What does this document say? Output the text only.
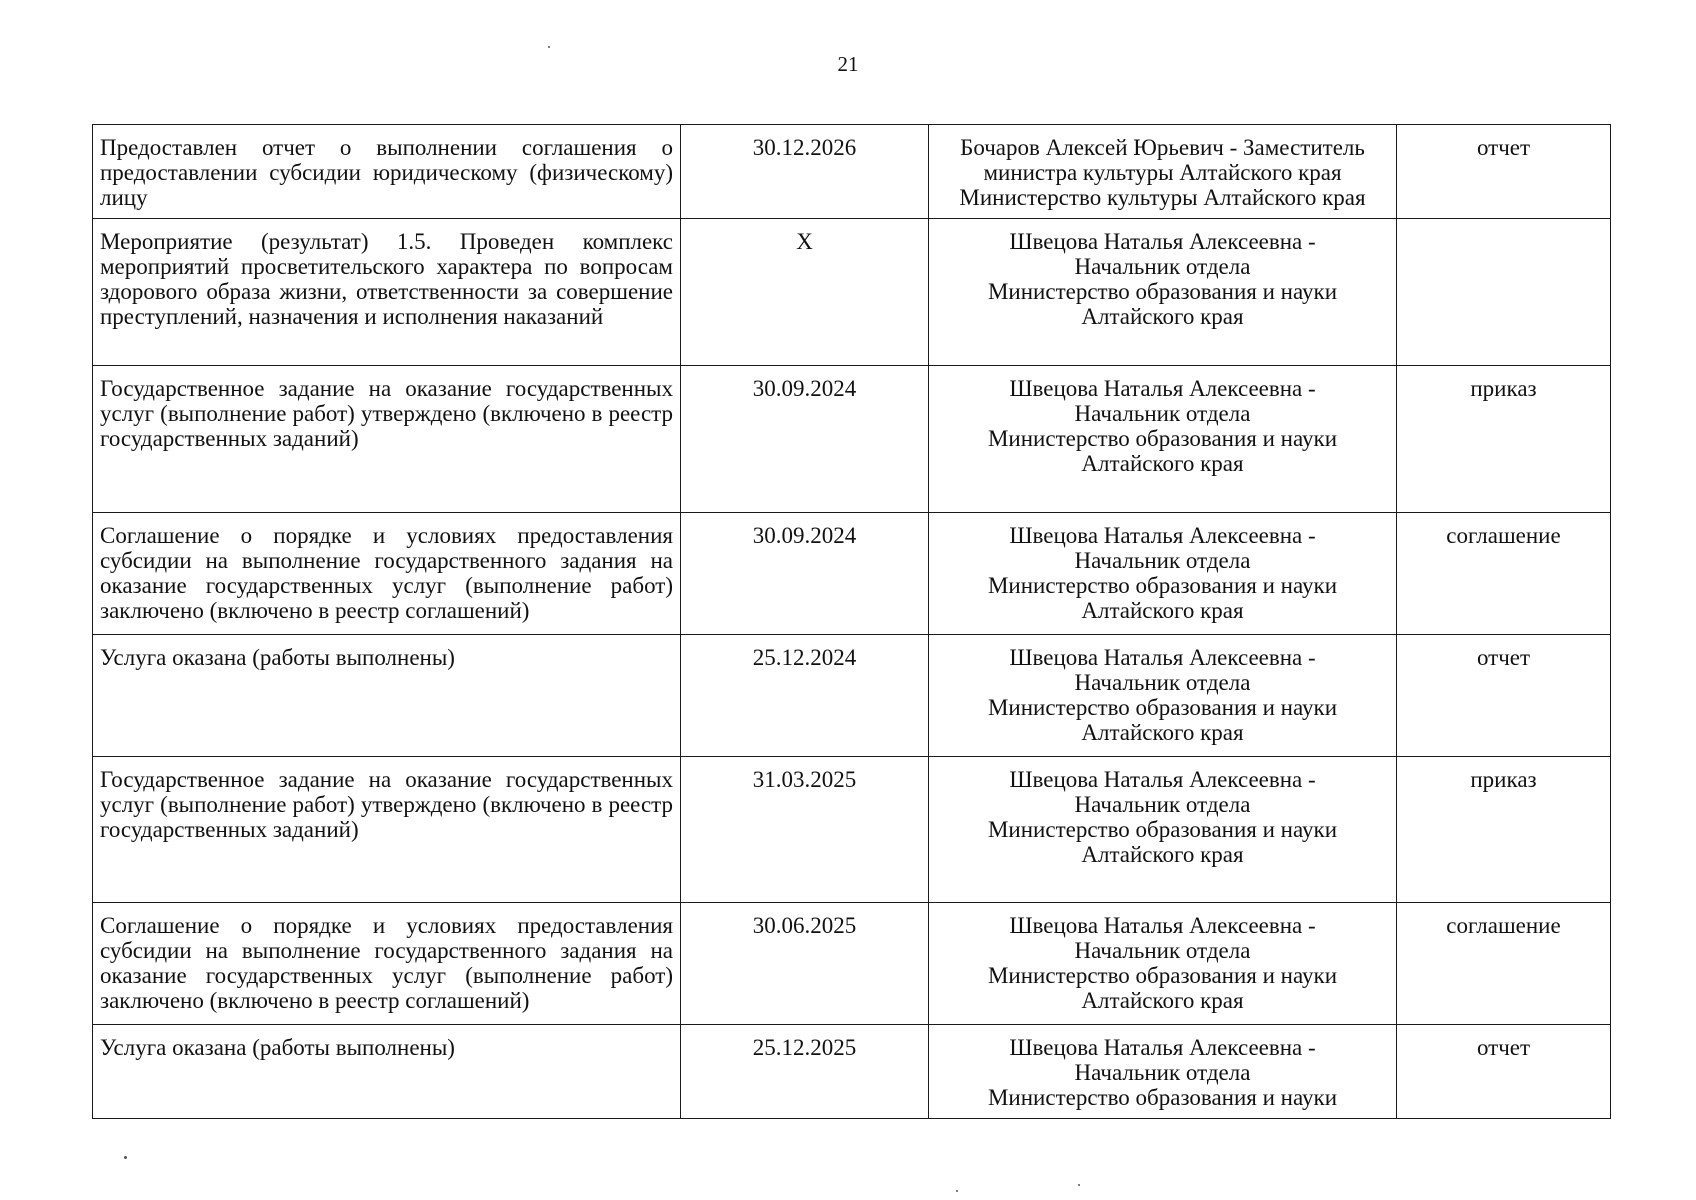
21
Предоставлен отчет о выполнении соглашения о предоставлении субсидии юридическому (физическому) лицу	30.12.2026	Бочаров Алексей Юрьевич - Заместитель
министра культуры Алтайского края
Министерство культуры Алтайского края	отчет
Мероприятие (результат) 1.5. Проведен комплекс мероприятий просветительского характера по вопросам здорового образа жизни, ответственности за совершение преступлений, назначения и исполнения наказаний	X	Швецова Наталья Алексеевна -
Начальник отдела
Министерство образования и науки
Алтайского края	

Государственное задание на оказание государственных услуг (выполнение работ) утверждено (включено в реестр государственных заданий)	30.09.2024	Швецова Наталья Алексеевна -
Начальник отдела
Министерство образования и науки
Алтайского края	приказ
Соглашение о порядке и условиях предоставления субсидии на выполнение государственного задания на оказание государственных услуг (выполнение работ) заключено (включено в реестр соглашений)	30.09.2024	Швецова Наталья Алексеевна -
Начальник отдела
Министерство образования и науки
Алтайского края	соглашение
Услуга оказана (работы выполнены)	25.12.2024	Швецова Наталья Алексеевна -
Начальник отдела
Министерство образования и науки
Алтайского края	отчет
Государственное задание на оказание государственных услуг (выполнение работ) утверждено (включено в реестр государственных заданий)	31.03.2025	Швецова Наталья Алексеевна -
Начальник отдела
Министерство образования и науки
Алтайского края	приказ
Соглашение о порядке и условиях предоставления субсидии на выполнение государственного задания на оказание государственных услуг (выполнение работ) заключено (включено в реестр соглашений)	30.06.2025	Швецова Наталья Алексеевна -
Начальник отдела
Министерство образования и науки
Алтайского края	соглашение
Услуга оказана (работы выполнены)	25.12.2025	Швецова Наталья Алексеевна -
Начальник отдела
Министерство образования и науки	отчет
